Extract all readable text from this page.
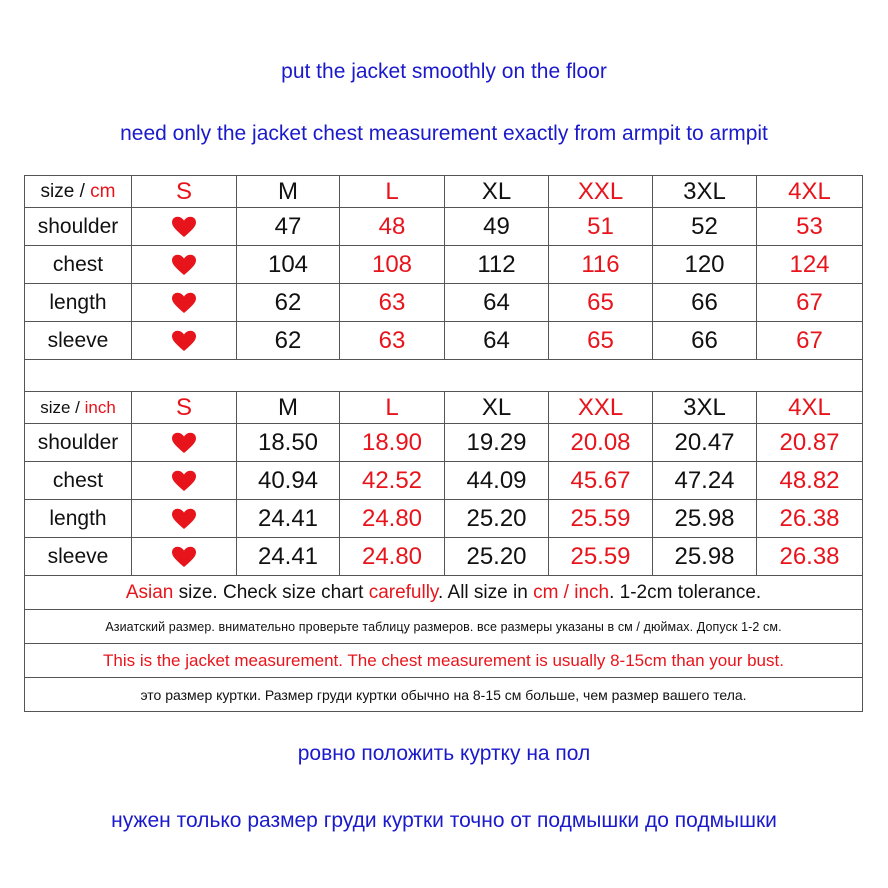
put the jacket smoothly on the floor
need only the jacket chest measurement exactly from armpit to armpit
size / cm	S	M	L	XL	XXL	3XL	4XL
shoulder		47	48	49	51	52	53
chest		104	108	112	116	120	124
length		62	63	64	65	66	67
sleeve		62	63	64	65	66	67

size / inch	S	M	L	XL	XXL	3XL	4XL
shoulder		18.50	18.90	19.29	20.08	20.47	20.87
chest		40.94	42.52	44.09	45.67	47.24	48.82
length		24.41	24.80	25.20	25.59	25.98	26.38
sleeve		24.41	24.80	25.20	25.59	25.98	26.38
Asian size. Check size chart carefully. All size in cm / inch. 1-2cm tolerance.							
Азиатский размер. внимательно проверьте таблицу размеров. все размеры указаны в см / дюймах. Допуск 1-2 см.							
This is the jacket measurement. The chest measurement is usually 8-15cm than your bust.							
это размер куртки. Размер груди куртки обычно на 8-15 см больше, чем размер вашего тела.							
ровно положить куртку на пол
нужен только размер груди куртки точно от подмышки до подмышки
